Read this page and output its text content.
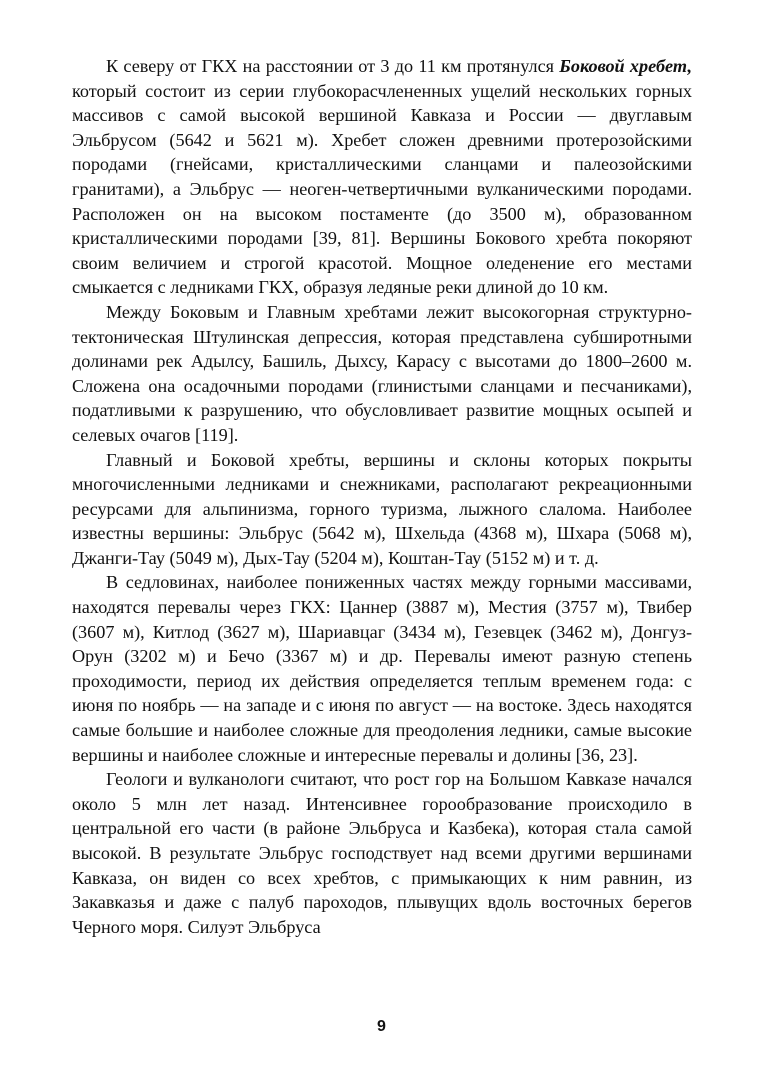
К северу от ГКХ на расстоянии от 3 до 11 км протянулся Боковой хребет, который состоит из серии глубокорасчлененных ущелий нескольких горных массивов с самой высокой вершиной Кавказа и России — двуглавым Эльбрусом (5642 и 5621 м). Хребет сложен древними протерозойскими породами (гнейсами, кристаллическими сланцами и палеозойскими гранитами), а Эльбрус — неоген-четвертичными вулканическими породами. Расположен он на высоком постаменте (до 3500 м), образованном кристаллическими породами [39, 81]. Вершины Бокового хребта покоряют своим величием и строгой красотой. Мощное оледенение его местами смыкается с ледниками ГКХ, образуя ледяные реки длиной до 10 км.

Между Боковым и Главным хребтами лежит высокогорная структурно-тектоническая Штулинская депрессия, которая представлена субширотными долинами рек Адылсу, Башиль, Дыхсу, Карасу с высотами до 1800–2600 м. Сложена она осадочными породами (глинистыми сланцами и песчаниками), податливыми к разрушению, что обусловливает развитие мощных осыпей и селевых очагов [119].

Главный и Боковой хребты, вершины и склоны которых покрыты многочисленными ледниками и снежниками, располагают рекреационными ресурсами для альпинизма, горного туризма, лыжного слалома. Наиболее известны вершины: Эльбрус (5642 м), Шхельда (4368 м), Шхара (5068 м), Джанги-Тау (5049 м), Дых-Тау (5204 м), Коштан-Тау (5152 м) и т. д.

В седловинах, наиболее пониженных частях между горными массивами, находятся перевалы через ГКХ: Цаннер (3887 м), Местия (3757 м), Твибер (3607 м), Китлод (3627 м), Шариавцаг (3434 м), Гезевцек (3462 м), Донгуз-Орун (3202 м) и Бечо (3367 м) и др. Перевалы имеют разную степень проходимости, период их действия определяется теплым временем года: с июня по ноябрь — на западе и с июня по август — на востоке. Здесь находятся самые большие и наиболее сложные для преодоления ледники, самые высокие вершины и наиболее сложные и интересные перевалы и долины [36, 23].

Геологи и вулканологи считают, что рост гор на Большом Кавказе начался около 5 млн лет назад. Интенсивнее горообразование происходило в центральной его части (в районе Эльбруса и Казбека), которая стала самой высокой. В результате Эльбрус господствует над всеми другими вершинами Кавказа, он виден со всех хребтов, с примыкающих к ним равнин, из Закавказья и даже с палуб пароходов, плывущих вдоль восточных берегов Черного моря. Силуэт Эльбруса

9
